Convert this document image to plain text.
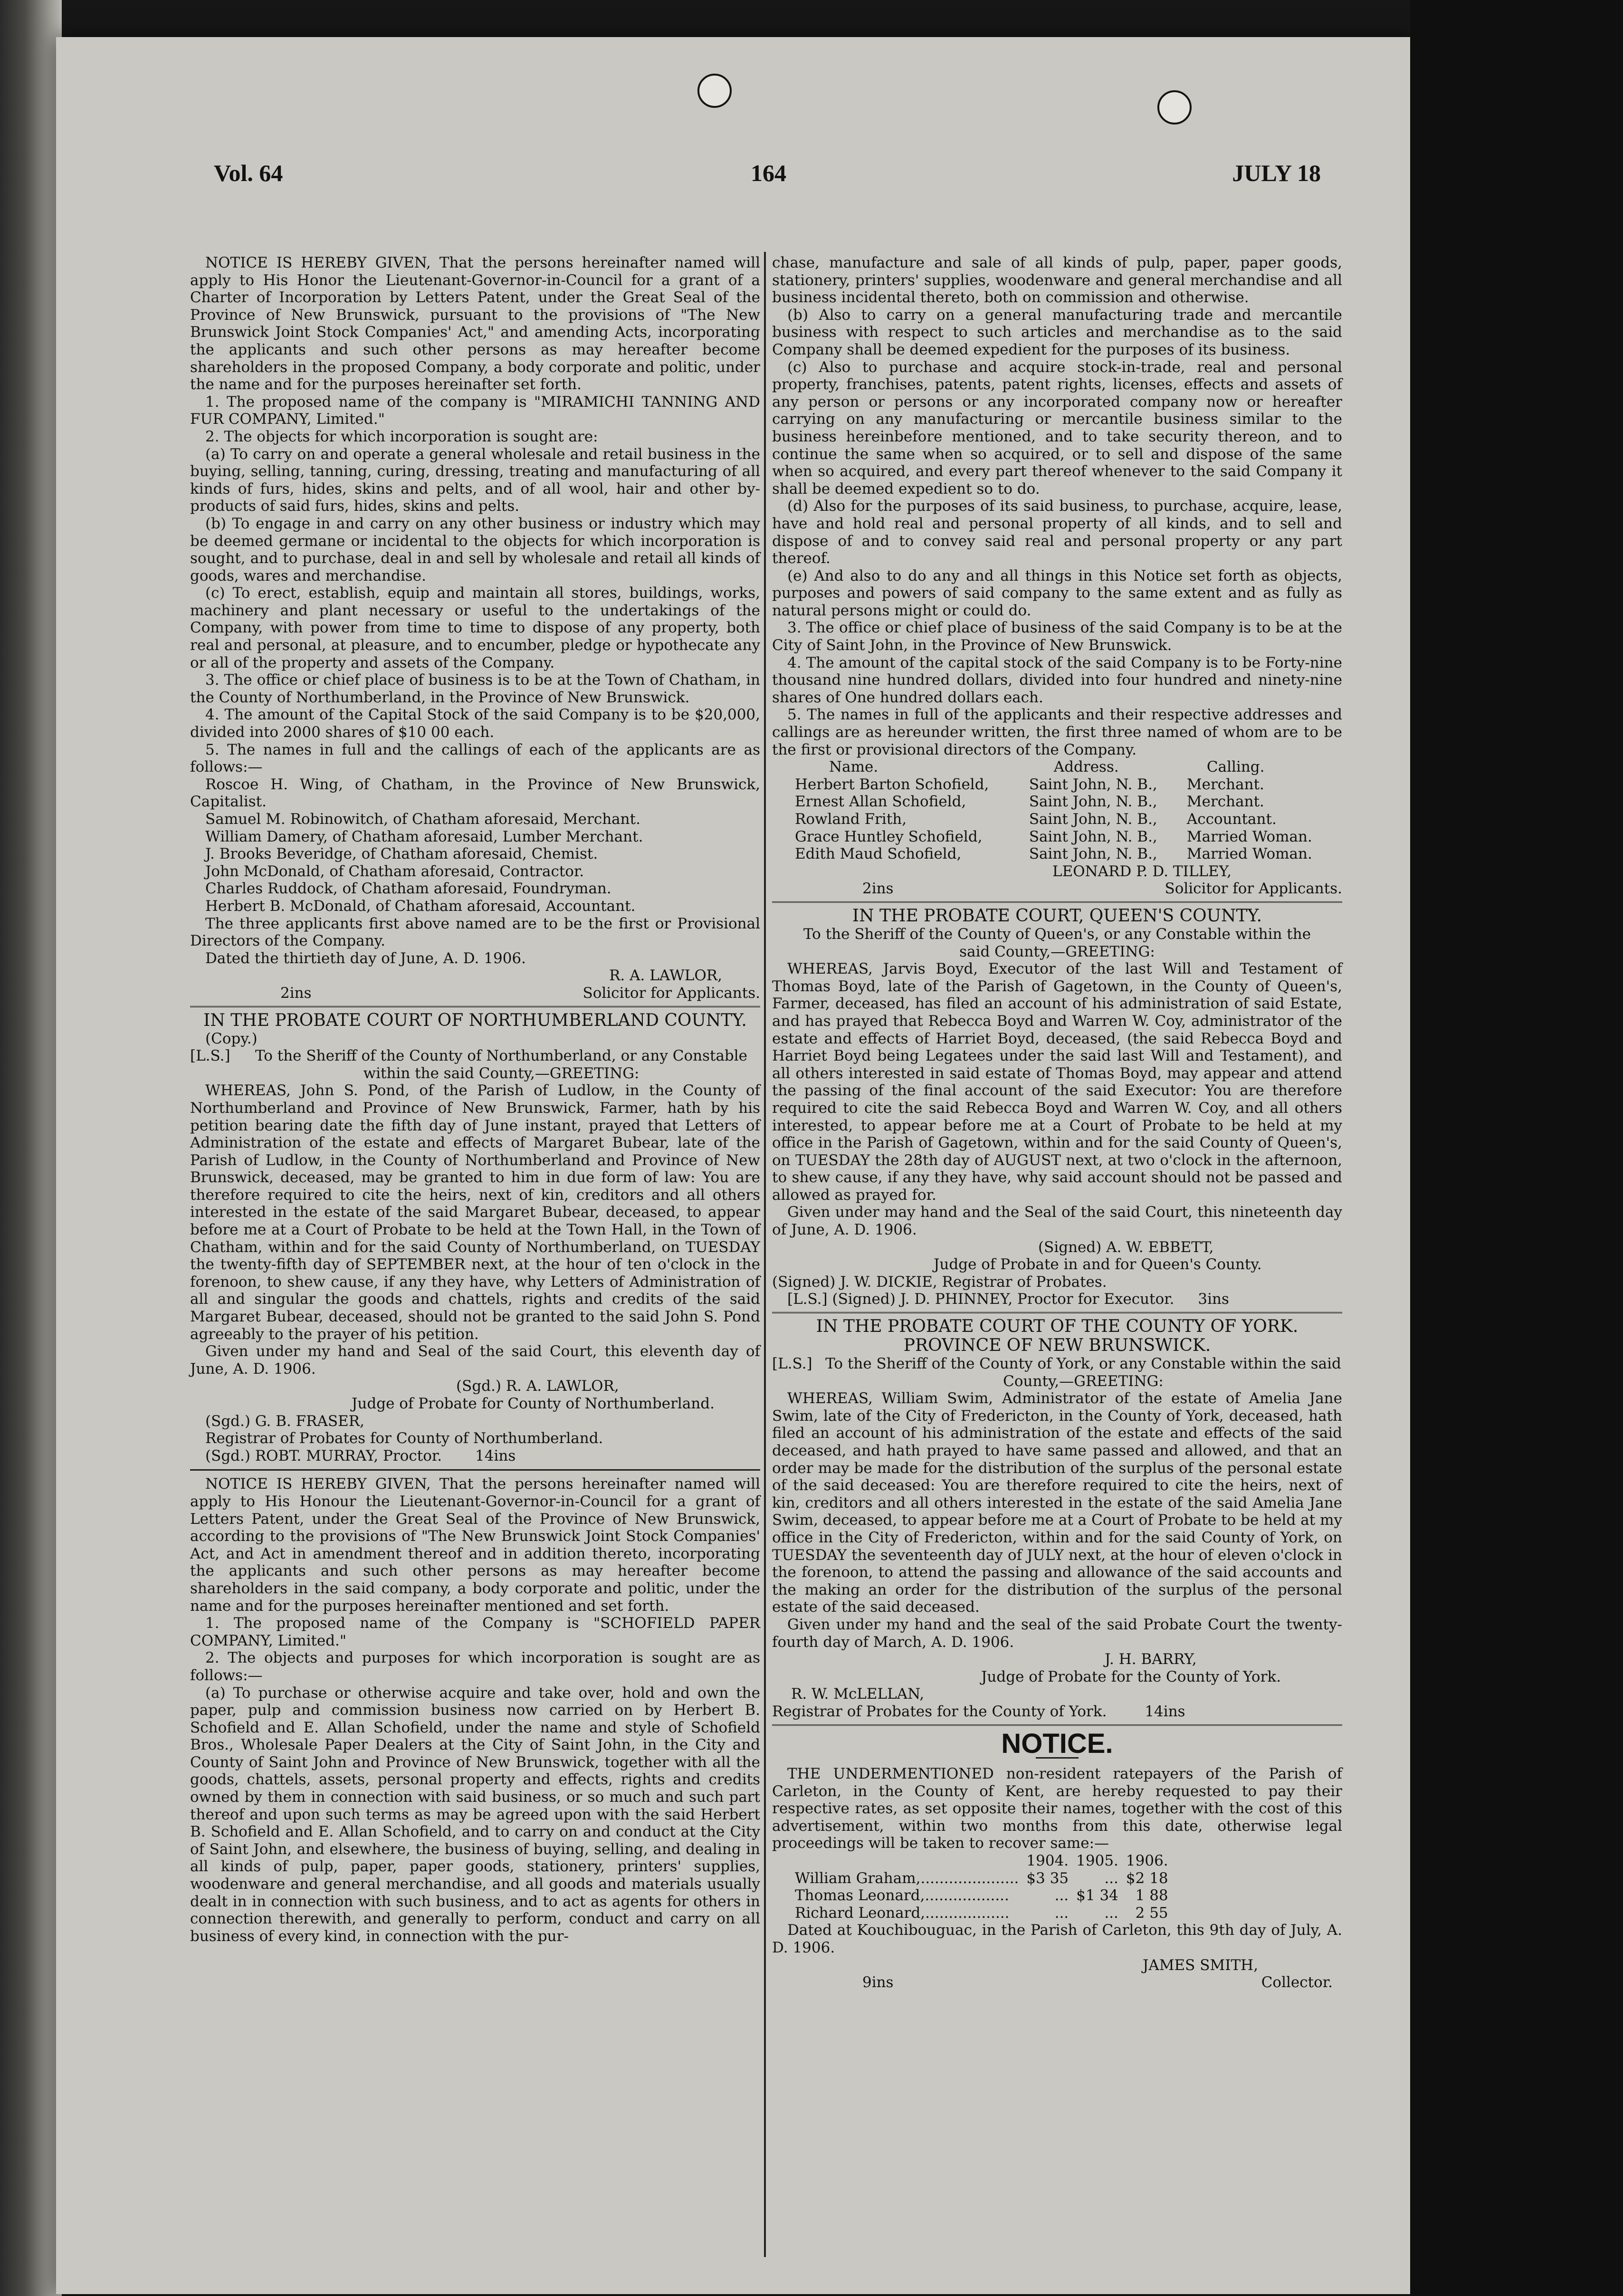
Vol. 64	164	JULY 18

NOTICE IS HEREBY GIVEN, That the persons hereinafter named will apply to His Honor the Lieutenant-Governor-in-Council for a grant of a Charter of Incorporation by Letters Patent, under the Great Seal of the Province of New Brunswick, pursuant to the provisions of "The New Brunswick Joint Stock Companies' Act," and amending Acts, incorporating the applicants and such other persons as may hereafter become shareholders in the proposed Company, a body corporate and politic, under the name and for the purposes hereinafter set forth.

1. The proposed name of the company is "MIRAMICHI TANNING AND FUR COMPANY, Limited."

2. The objects for which incorporation is sought are:

(a) To carry on and operate a general wholesale and retail business in the buying, selling, tanning, curing, dressing, treating and manufacturing of all kinds of furs, hides, skins and pelts, and of all wool, hair and other by-products of said furs, hides, skins and pelts.

(b) To engage in and carry on any other business or industry which may be deemed germane or incidental to the objects for which incorporation is sought, and to purchase, deal in and sell by wholesale and retail all kinds of goods, wares and merchandise.

(c) To erect, establish, equip and maintain all stores, buildings, works, machinery and plant necessary or useful to the undertakings of the Company, with power from time to time to dispose of any property, both real and personal, at pleasure, and to encumber, pledge or hypothecate any or all of the property and assets of the Company.

3. The office or chief place of business is to be at the Town of Chatham, in the County of Northumberland, in the Province of New Brunswick.

4. The amount of the Capital Stock of the said Company is to be $20,000, divided into 2000 shares of $10 00 each.

5. The names in full and the callings of each of the applicants are as follows:—

Roscoe H. Wing, of Chatham, in the Province of New Brunswick, Capitalist.

Samuel M. Robinowitch, of Chatham aforesaid, Merchant.

William Damery, of Chatham aforesaid, Lumber Merchant.

J. Brooks Beveridge, of Chatham aforesaid, Chemist.

John McDonald, of Chatham aforesaid, Contractor.

Charles Ruddock, of Chatham aforesaid, Foundryman.

Herbert B. McDonald, of Chatham aforesaid, Accountant.

The three applicants first above named are to be the first or Provisional Directors of the Company.

Dated the thirtieth day of June, A. D. 1906.

R. A. LAWLOR,

2ins	Solicitor for Applicants.

IN THE PROBATE COURT OF NORTHUMBERLAND COUNTY.

(Copy.)

[L.S.]	To the Sheriff of the County of Northumberland, or any Constable within the said County,—GREETING:

WHEREAS, John S. Pond, of the Parish of Ludlow, in the County of Northumberland and Province of New Brunswick, Farmer, hath by his petition bearing date the fifth day of June instant, prayed that Letters of Administration of the estate and effects of Margaret Bubear, late of the Parish of Ludlow, in the County of Northumberland and Province of New Brunswick, deceased, may be granted to him in due form of law: You are therefore required to cite the heirs, next of kin, creditors and all others interested in the estate of the said Margaret Bubear, deceased, to appear before me at a Court of Probate to be held at the Town Hall, in the Town of Chatham, within and for the said County of Northumberland, on TUESDAY the twenty-fifth day of SEPTEMBER next, at the hour of ten o'clock in the forenoon, to shew cause, if any they have, why Letters of Administration of all and singular the goods and chattels, rights and credits of the said Margaret Bubear, deceased, should not be granted to the said John S. Pond agreeably to the prayer of his petition.

Given under my hand and Seal of the said Court, this eleventh day of June, A. D. 1906.

(Sgd.) R. A. LAWLOR,

Judge of Probate for County of Northumberland.

(Sgd.) G. B. FRASER,

Registrar of Probates for County of Northumberland.

(Sgd.) ROBT. MURRAY, Proctor. 14ins

NOTICE IS HEREBY GIVEN, That the persons hereinafter named will apply to His Honour the Lieutenant-Governor-in-Council for a grant of Letters Patent, under the Great Seal of the Province of New Brunswick, according to the provisions of "The New Brunswick Joint Stock Companies' Act, and Act in amendment thereof and in addition thereto, incorporating the applicants and such other persons as may hereafter become shareholders in the said company, a body corporate and politic, under the name and for the purposes hereinafter mentioned and set forth.

1. The proposed name of the Company is "SCHOFIELD PAPER COMPANY, Limited."

2. The objects and purposes for which incorporation is sought are as follows:—

(a) To purchase or otherwise acquire and take over, hold and own the paper, pulp and commission business now carried on by Herbert B. Schofield and E. Allan Schofield, under the name and style of Schofield Bros., Wholesale Paper Dealers at the City of Saint John, in the City and County of Saint John and Province of New Brunswick, together with all the goods, chattels, assets, personal property and effects, rights and credits owned by them in connection with said business, or so much and such part thereof and upon such terms as may be agreed upon with the said Herbert B. Schofield and E. Allan Schofield, and to carry on and conduct at the City of Saint John, and elsewhere, the business of buying, selling, and dealing in all kinds of pulp, paper, paper goods, stationery, printers' supplies, woodenware and general merchandise, and all goods and materials usually dealt in in connection with such business, and to act as agents for others in connection therewith, and generally to perform, conduct and carry on all business of every kind, in connection with the pur-

chase, manufacture and sale of all kinds of pulp, paper, paper goods, stationery, printers' supplies, woodenware and general merchandise and all business incidental thereto, both on commission and otherwise.

(b) Also to carry on a general manufacturing trade and mercantile business with respect to such articles and merchandise as to the said Company shall be deemed expedient for the purposes of its business.

(c) Also to purchase and acquire stock-in-trade, real and personal property, franchises, patents, patent rights, licenses, effects and assets of any person or persons or any incorporated company now or hereafter carrying on any manufacturing or mercantile business similar to the business hereinbefore mentioned, and to take security thereon, and to continue the same when so acquired, or to sell and dispose of the same when so acquired, and every part thereof whenever to the said Company it shall be deemed expedient so to do.

(d) Also for the purposes of its said business, to purchase, acquire, lease, have and hold real and personal property of all kinds, and to sell and dispose of and to convey said real and personal property or any part thereof.

(e) And also to do any and all things in this Notice set forth as objects, purposes and powers of said company to the same extent and as fully as natural persons might or could do.

3. The office or chief place of business of the said Company is to be at the City of Saint John, in the Province of New Brunswick.

4. The amount of the capital stock of the said Company is to be Forty-nine thousand nine hundred dollars, divided into four hundred and ninety-nine shares of One hundred dollars each.

5. The names in full of the applicants and their respective addresses and callings are as hereunder written, the first three named of whom are to be the first or provisional directors of the Company.

Name.	Address.	Calling.
Herbert Barton Schofield,	Saint John, N. B.,	Merchant.
Ernest Allan Schofield,	Saint John, N. B.,	Merchant.
Rowland Frith,	Saint John, N. B.,	Accountant.
Grace Huntley Schofield,	Saint John, N. B.,	Married Woman.
Edith Maud Schofield,	Saint John, N. B.,	Married Woman.

LEONARD P. D. TILLEY,

2ins	Solicitor for Applicants.

IN THE PROBATE COURT, QUEEN'S COUNTY.

To the Sheriff of the County of Queen's, or any Constable within the said County,—GREETING:

WHEREAS, Jarvis Boyd, Executor of the last Will and Testament of Thomas Boyd, late of the Parish of Gagetown, in the County of Queen's, Farmer, deceased, has filed an account of his administration of said Estate, and has prayed that Rebecca Boyd and Warren W. Coy, administrator of the estate and effects of Harriet Boyd, deceased, (the said Rebecca Boyd and Harriet Boyd being Legatees under the said last Will and Testament), and all others interested in said estate of Thomas Boyd, may appear and attend the passing of the final account of the said Executor: You are therefore required to cite the said Rebecca Boyd and Warren W. Coy, and all others interested, to appear before me at a Court of Probate to be held at my office in the Parish of Gagetown, within and for the said County of Queen's, on TUESDAY the 28th day of AUGUST next, at two o'clock in the afternoon, to shew cause, if any they have, why said account should not be passed and allowed as prayed for.

Given under may hand and the Seal of the said Court, this nineteenth day of June, A. D. 1906.

(Signed) A. W. EBBETT,

Judge of Probate in and for Queen's County.

(Signed) J. W. DICKIE, Registrar of Probates.

[L.S.] (Signed) J. D. PHINNEY, Proctor for Executor. 3ins

IN THE PROBATE COURT OF THE COUNTY OF YORK.

PROVINCE OF NEW BRUNSWICK.

[L.S.] To the Sheriff of the County of York, or any Constable within the said County,—GREETING:

WHEREAS, William Swim, Administrator of the estate of Amelia Jane Swim, late of the City of Fredericton, in the County of York, deceased, hath filed an account of his administration of the estate and effects of the said deceased, and hath prayed to have same passed and allowed, and that an order may be made for the distribution of the surplus of the personal estate of the said deceased: You are therefore required to cite the heirs, next of kin, creditors and all others interested in the estate of the said Amelia Jane Swim, deceased, to appear before me at a Court of Probate to be held at my office in the City of Fredericton, within and for the said County of York, on TUESDAY the seventeenth day of JULY next, at the hour of eleven o'clock in the forenoon, to attend the passing and allowance of the said accounts and the making an order for the distribution of the surplus of the personal estate of the said deceased.

Given under my hand and the seal of the said Probate Court the twenty-fourth day of March, A. D. 1906.

J. H. BARRY,

Judge of Probate for the County of York.

R. W. McLELLAN,

Registrar of Probates for the County of York.	14ins

NOTICE.

THE UNDERMENTIONED non-resident ratepayers of the Parish of Carleton, in the County of Kent, are hereby requested to pay their respective rates, as set opposite their names, together with the cost of this advertisement, within two months from this date, otherwise legal proceedings will be taken to recover same:—

	1904.	1905.	1906.
William Graham,.....................	$3 35	...	$2 18
Thomas Leonard,..................	...	$1 34	1 88
Richard Leonard,..................	...	...	2 55

Dated at Kouchibouguac, in the Parish of Carleton, this 9th day of July, A. D. 1906.

JAMES SMITH,

9ins	Collector.
